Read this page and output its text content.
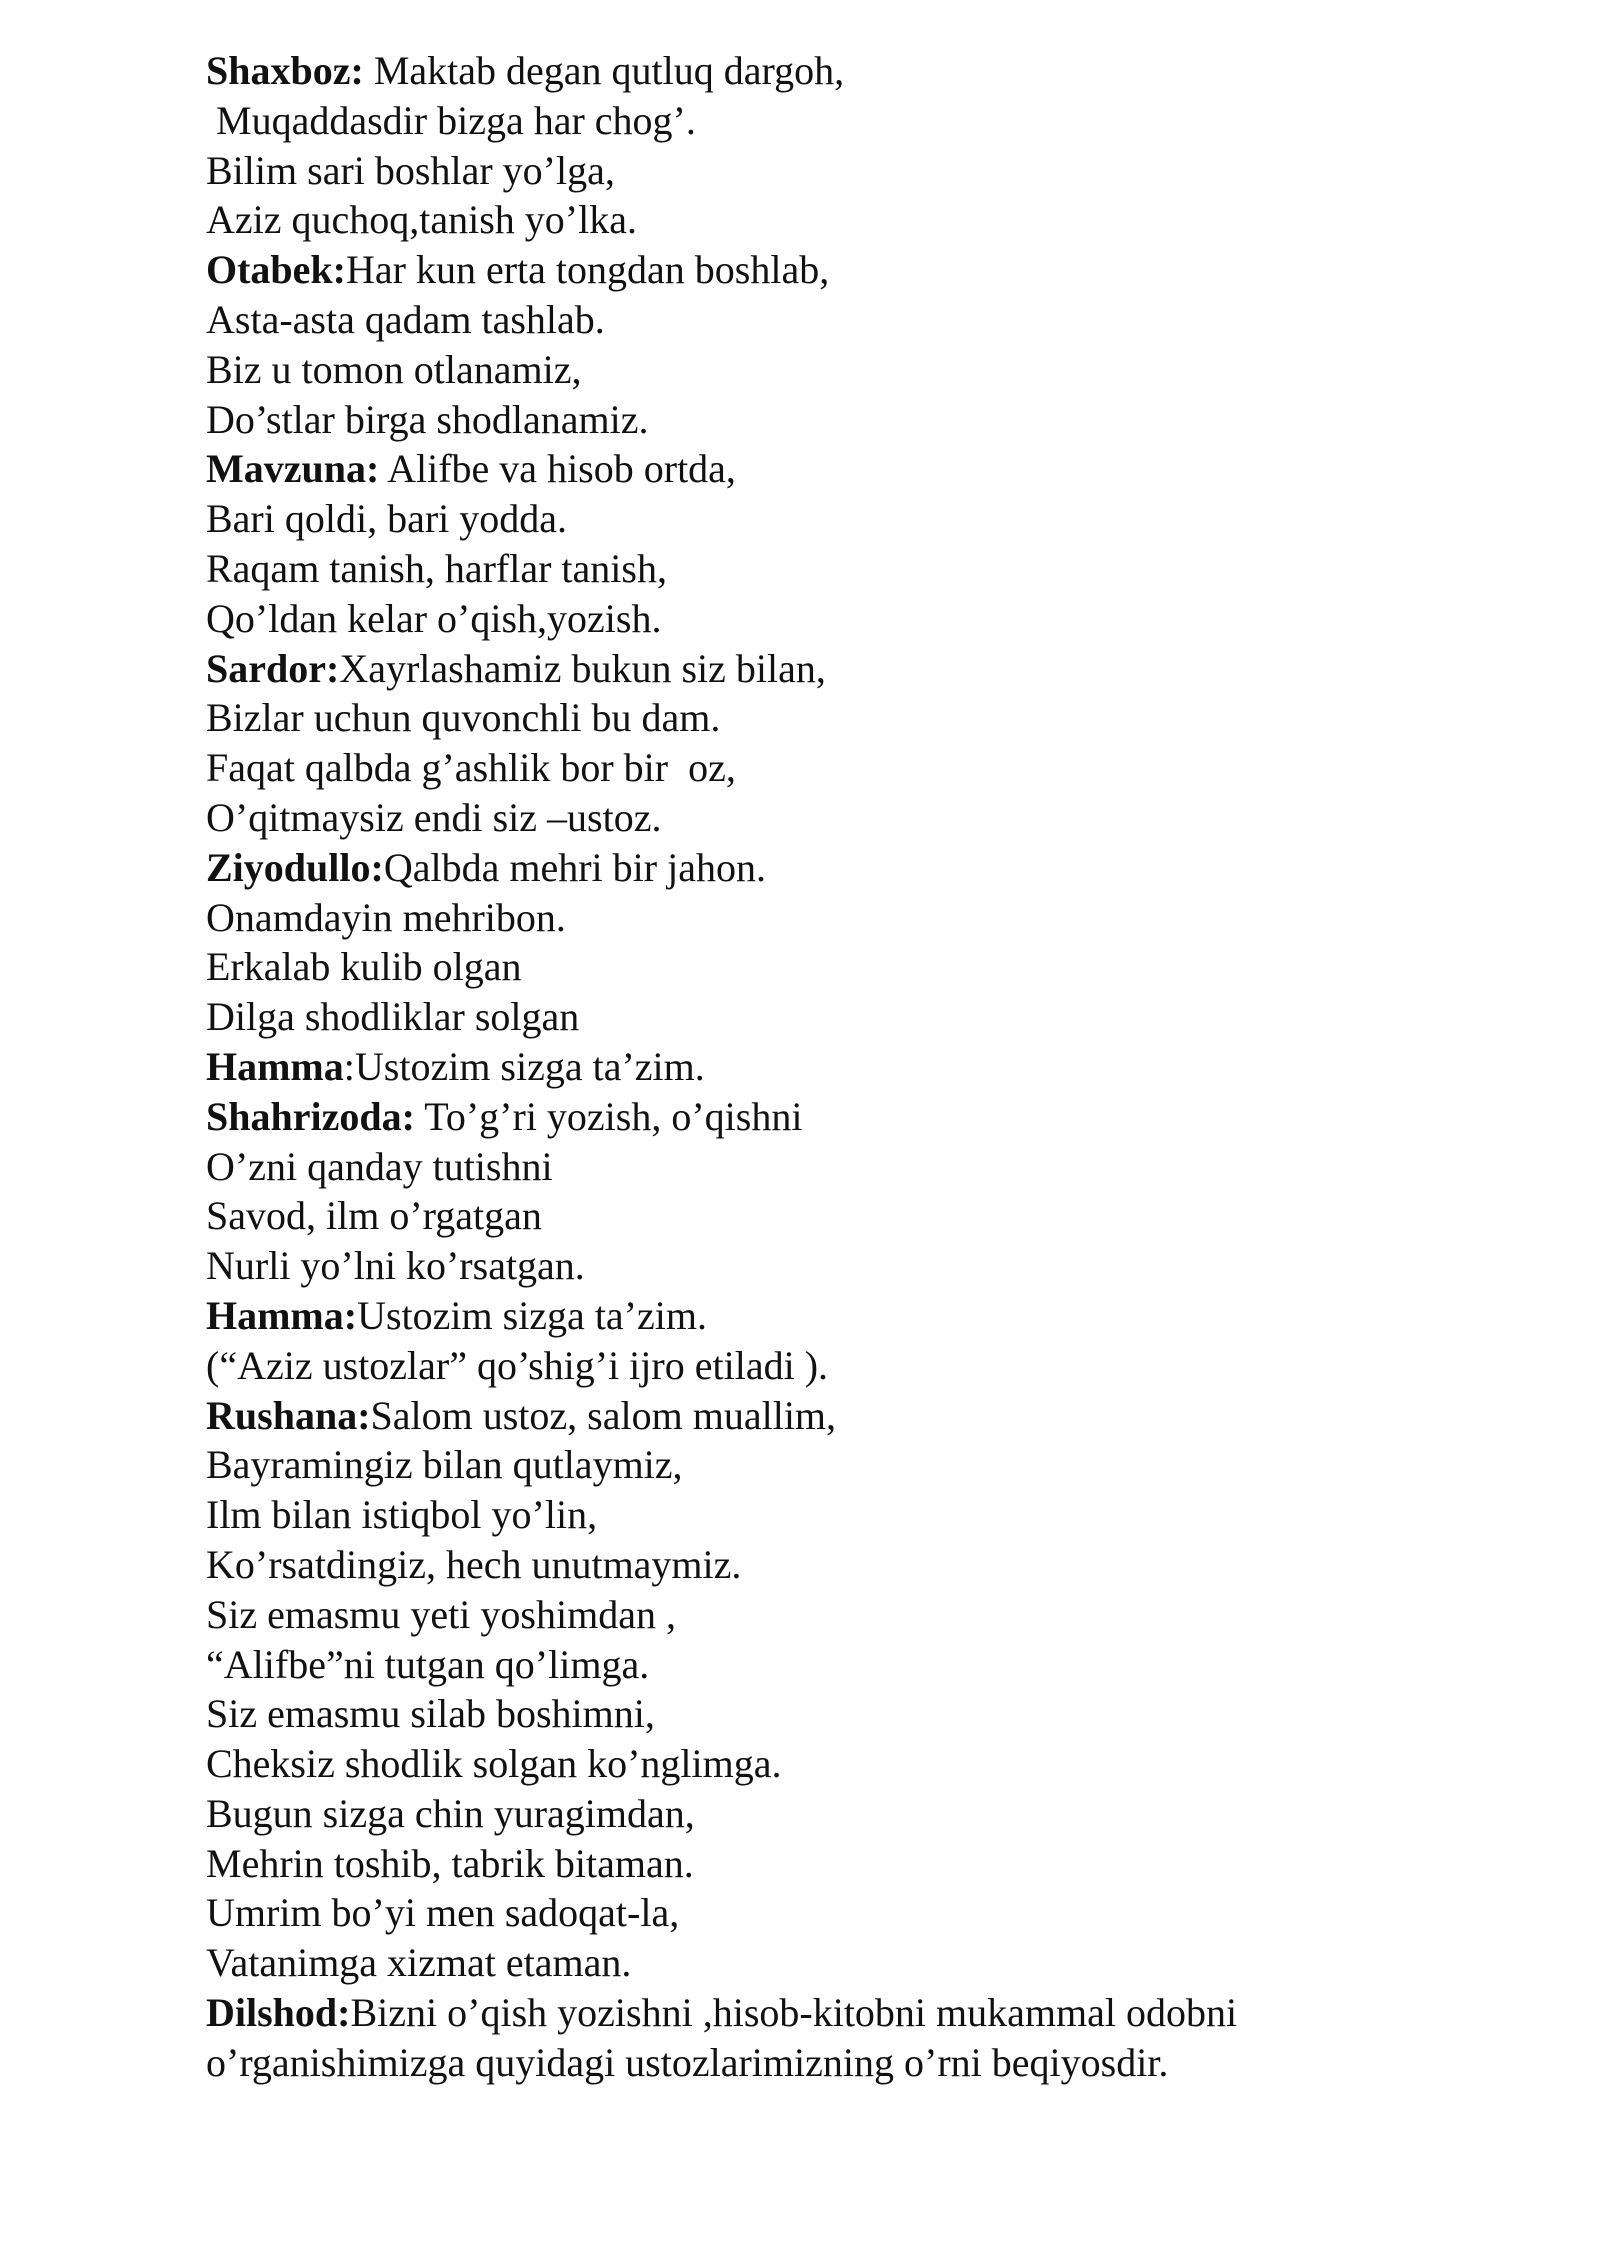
Shaxboz: Maktab degan qutluq dargoh,
Muqaddasdir bizga har chog’.
Bilim sari boshlar yo’lga,
Aziz quchoq,tanish yo’lka.
Otabek:Har kun erta tongdan boshlab,
Asta-asta qadam tashlab.
Biz u tomon otlanamiz,
Do’stlar birga shodlanamiz.
Mavzuna: Alifbe va hisob ortda,
Bari qoldi, bari yodda.
Raqam tanish, harflar tanish,
Qo’ldan kelar o’qish,yozish.
Sardor:Xayrlashamiz bukun siz bilan,
Bizlar uchun quvonchli bu dam.
Faqat qalbda g’ashlik bor bir  oz,
O’qitmaysiz endi siz –ustoz.
Ziyodullo:Qalbda mehri bir jahon.
Onamdayin mehribon.
Erkalab kulib olgan
Dilga shodliklar solgan
Hamma:Ustozim sizga ta’zim.
Shahrizoda: To’g’ri yozish, o’qishni
O’zni qanday tutishni
Savod, ilm o’rgatgan
Nurli yo’lni ko’rsatgan.
Hamma:Ustozim sizga ta’zim.
(“Aziz ustozlar” qo’shig’i ijro etiladi ).
Rushana:Salom ustoz, salom muallim,
Bayramingiz bilan qutlaymiz,
Ilm bilan istiqbol yo’lin,
Ko’rsatdingiz, hech unutmaymiz.
Siz emasmu yeti yoshimdan ,
“Alifbe”ni tutgan qo’limga.
Siz emasmu silab boshimni,
Cheksiz shodlik solgan ko’nglimga.
Bugun sizga chin yuragimdan,
Mehrin toshib, tabrik bitaman.
Umrim bo’yi men sadoqat-la,
Vatanimga xizmat etaman.
Dilshod:Bizni o’qish yozishni ,hisob-kitobni mukammal odobni
o’rganishimizga quyidagi ustozlarimizning o’rni beqiyosdir.
